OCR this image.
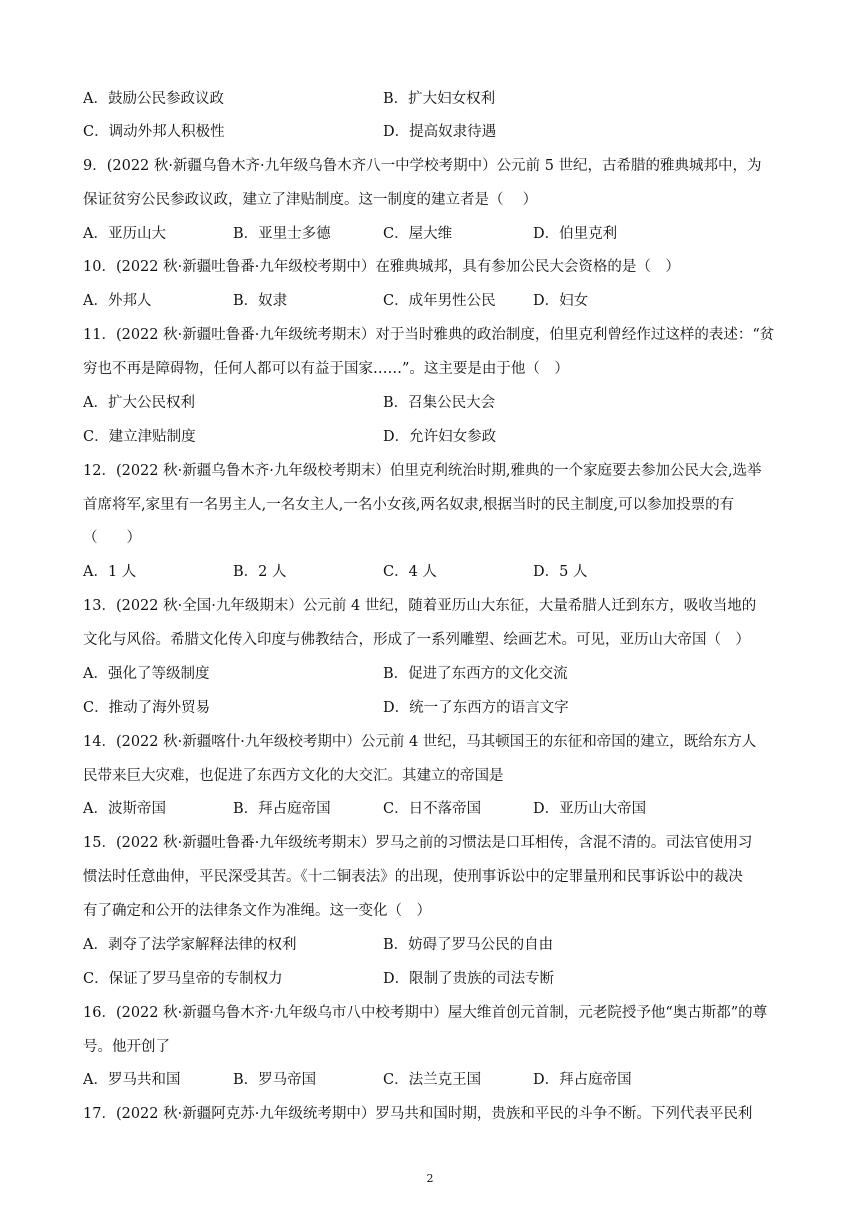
A．鼓励公民参政议政	B．扩大妇女权利
C．调动外邦人积极性	D．提高奴隶待遇
9．(2022 秋·新疆乌鲁木齐·九年级乌鲁木齐八一中学校考期中）公元前 5 世纪，古希腊的雅典城邦中，为
保证贫穷公民参政议政，建立了津贴制度。这一制度的建立者是（　 ）
A．亚历山大	B．亚里士多德	C．屋大维	D．伯里克利
10．(2022 秋·新疆吐鲁番·九年级校考期中）在雅典城邦，具有参加公民大会资格的是（　）
A．外邦人	B．奴隶	C．成年男性公民	D．妇女
11．(2022 秋·新疆吐鲁番·九年级统考期末）对于当时雅典的政治制度，伯里克利曾经作过这样的表述：“贫
穷也不再是障碍物，任何人都可以有益于国家……”。这主要是由于他（　）
A．扩大公民权利	B．召集公民大会
C．建立津贴制度	D．允许妇女参政
12．(2022 秋·新疆乌鲁木齐·九年级校考期末）伯里克利统治时期,雅典的一个家庭要去参加公民大会,选举
首席将军,家里有一名男主人,一名女主人,一名小女孩,两名奴隶,根据当时的民主制度,可以参加投票的有
（　　）
A．1 人	B．2 人	C．4 人	D．5 人
13．(2022 秋·全国·九年级期末）公元前 4 世纪，随着亚历山大东征，大量希腊人迁到东方，吸收当地的
文化与风俗。希腊文化传入印度与佛教结合，形成了一系列雕塑、绘画艺术。可见，亚历山大帝国（　）
A．强化了等级制度	B．促进了东西方的文化交流
C．推动了海外贸易	D．统一了东西方的语言文字
14．(2022 秋·新疆喀什·九年级校考期中）公元前 4 世纪，马其顿国王的东征和帝国的建立，既给东方人
民带来巨大灾难，也促进了东西方文化的大交汇。其建立的帝国是
A．波斯帝国	B．拜占庭帝国	C．日不落帝国	D．亚历山大帝国
15．(2022 秋·新疆吐鲁番·九年级统考期末）罗马之前的习惯法是口耳相传，含混不清的。司法官使用习
惯法时任意曲伸，平民深受其苦。《十二铜表法》的出现，使刑事诉讼中的定罪量刑和民事诉讼中的裁决
有了确定和公开的法律条文作为准绳。这一变化（　）
A．剥夺了法学家解释法律的权利	B．妨碍了罗马公民的自由
C．保证了罗马皇帝的专制权力	D．限制了贵族的司法专断
16．(2022 秋·新疆乌鲁木齐·九年级乌市八中校考期中）屋大维首创元首制，元老院授予他“奥古斯都”的尊
号。他开创了
A．罗马共和国	B．罗马帝国	C．法兰克王国	D．拜占庭帝国
17．(2022 秋·新疆阿克苏·九年级统考期中）罗马共和国时期，贵族和平民的斗争不断。下列代表平民利
2
